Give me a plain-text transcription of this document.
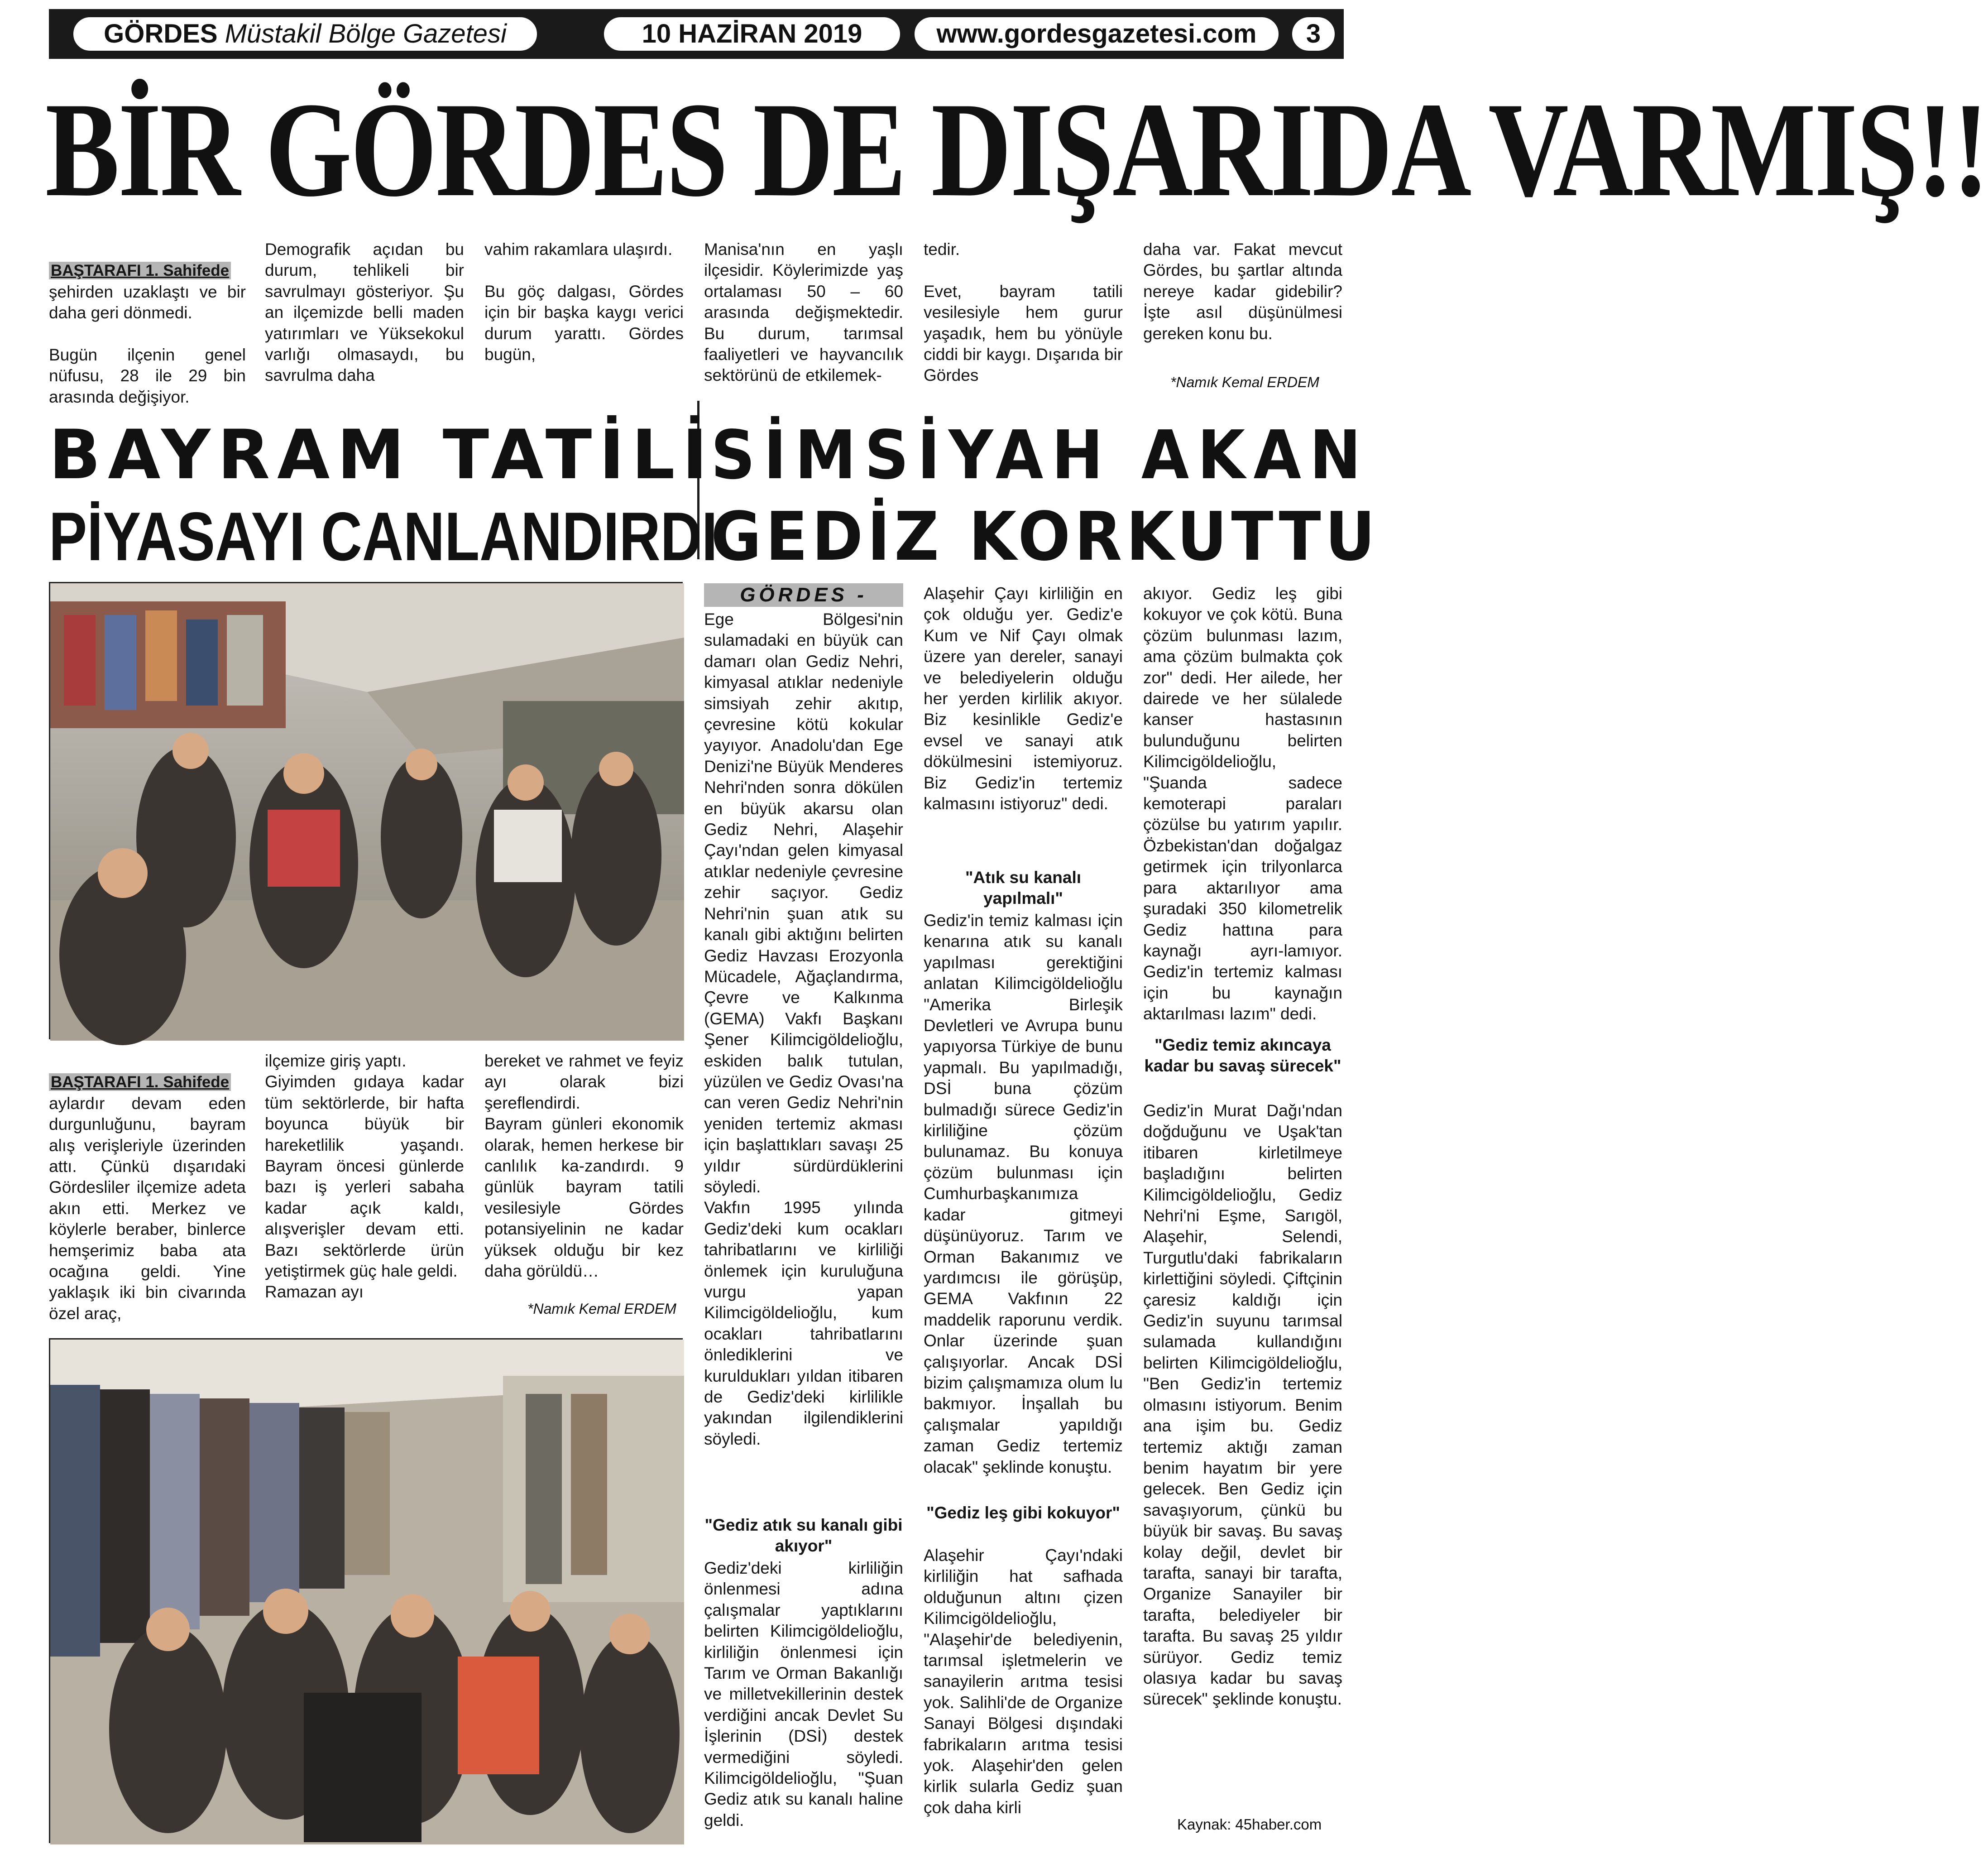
GÖRDES Müstakil Bölge Gazetesi	10 HAZİRAN 2019	www.gordesgazetesi.com	3
BİR GÖRDES DE DIŞARIDA VARMIŞ!!

BAŞTARAFI 1. Sahifede

şehirden uzaklaştı ve bir daha geri dönmedi.

Bugün ilçenin genel nüfusu, 28 ile 29 bin arasında değişiyor.

Demografik açıdan bu durum, tehlikeli bir savrulmayı gösteriyor. Şu an ilçemizde belli maden yatırımları ve Yüksekokul varlığı olmasaydı, bu savrulma daha
vahim rakamlara ulaşırdı.

Bu göç dalgası, Gördes için bir başka kaygı verici durum yarattı. Gördes bugün,
Manisa'nın en yaşlı ilçesidir. Köylerimizde yaş ortalaması 50 – 60 arasında değişmektedir. Bu durum, tarımsal faaliyetleri ve hayvancılık sektörünü de etkilemek-
tedir.

Evet, bayram tatili vesilesiyle hem gurur yaşadık, hem bu yönüyle ciddi bir kaygı. Dışarıda bir Gördes
daha var. Fakat mevcut Gördes, bu şartlar altında nereye kadar gidebilir? İşte asıl düşünülmesi gereken konu bu.
*Namık Kemal ERDEM
BAYRAM TATİLİ
PİYASAYI CANLANDIRDI
SİMSİYAH AKAN
GEDİZ KORKUTTU

BAŞTARAFI 1. Sahifede

aylardır devam eden durgunluğunu, bayram alış verişleriyle üzerinden attı. Çünkü dışarıdaki Gördesliler ilçemize adeta akın etti. Merkez ve köylerle beraber, binlerce hemşerimiz baba ata ocağına geldi. Yine yaklaşık iki bin civarında özel araç,

ilçemize giriş yaptı.
Giyimden gıdaya kadar tüm sektörlerde, bir hafta boyunca büyük bir hareketlilik yaşandı. Bayram öncesi günlerde bazı iş yerleri sabaha kadar açık kaldı, alışverişler devam etti. Bazı sektörlerde ürün yetiştirmek güç hale geldi.
Ramazan ayı
bereket ve rahmet ve feyiz ayı olarak bizi şereflendirdi.
Bayram günleri ekonomik olarak, hemen herkese bir canlılık ka-zandırdı. 9 günlük bayram tatili vesilesiyle Gördes potansiyelinin ne kadar yüksek olduğu bir kez daha görüldü…
*Namık Kemal ERDEM
GÖRDES -
Ege Bölgesi'nin sulamadaki en büyük can damarı olan Gediz Nehri, kimyasal atıklar nedeniyle simsiyah zehir akıtıp, çevresine kötü kokular yayıyor. Anadolu'dan Ege Denizi'ne Büyük Menderes Nehri'nden sonra dökülen en büyük akarsu olan Gediz Nehri, Alaşehir Çayı'ndan gelen kimyasal atıklar nedeniyle çevresine zehir saçıyor. Gediz Nehri'nin şuan atık su kanalı gibi aktığını belirten Gediz Havzası Erozyonla Mücadele, Ağaçlandırma, Çevre ve Kalkınma (GEMA) Vakfı Başkanı Şener Kilimcigöldelioğlu, eskiden balık tutulan, yüzülen ve Gediz Ovası'na can veren Gediz Nehri'nin yeniden tertemiz akması için başlattıkları savaşı 25 yıldır sürdürdüklerini söyledi.
Vakfın 1995 yılında Gediz'deki kum ocakları tahribatlarını ve kirliliği önlemek için kuruluğuna vurgu yapan Kilimcigöldelioğlu, kum ocakları tahribatlarını önlediklerini ve kuruldukları yıldan itibaren de Gediz'deki kirlilikle yakından ilgilendiklerini söyledi.
"Gediz atık su kanalı gibi akıyor"
Gediz'deki kirliliğin önlenmesi adına çalışmalar yaptıklarını belirten Kilimcigöldelioğlu, kirliliğin önlenmesi için Tarım ve Orman Bakanlığı ve milletvekillerinin destek verdiğini ancak Devlet Su İşlerinin (DSİ) destek vermediğini söyledi. Kilimcigöldelioğlu, "Şuan Gediz atık su kanalı haline geldi.
Alaşehir Çayı kirliliğin en çok olduğu yer. Gediz'e Kum ve Nif Çayı olmak üzere yan dereler, sanayi ve belediyelerin olduğu her yerden kirlilik akıyor. Biz kesinlikle Gediz'e evsel ve sanayi atık dökülmesini istemiyoruz. Biz Gediz'in tertemiz kalmasını istiyoruz" dedi.
"Atık su kanalı yapılmalı"
Gediz'in temiz kalması için kenarına atık su kanalı yapılması gerektiğini anlatan Kilimcigöldelioğlu "Amerika Birleşik Devletleri ve Avrupa bunu yapıyorsa Türkiye de bunu yapmalı. Bu yapılmadığı, DSİ buna çözüm bulmadığı sürece Gediz'in kirliliğine çözüm bulunamaz. Bu konuya çözüm bulunması için Cumhurbaşkanımıza kadar gitmeyi düşünüyoruz. Tarım ve Orman Bakanımız ve yardımcısı ile görüşüp, GEMA Vakfının 22 maddelik raporunu verdik. Onlar üzerinde şuan çalışıyorlar. Ancak DSİ bizim çalışmamıza olum lu bakmıyor. İnşallah bu çalışmalar yapıldığı zaman Gediz tertemiz olacak" şeklinde konuştu.
"Gediz leş gibi kokuyor"
Alaşehir Çayı'ndaki kirliliğin hat safhada olduğunun altını çizen Kilimcigöldelioğlu, "Alaşehir'de belediyenin, tarımsal işletmelerin ve sanayilerin arıtma tesisi yok. Salihli'de de Organize Sanayi Bölgesi dışındaki fabrikaların arıtma tesisi yok. Alaşehir'den gelen kirlik sularla Gediz şuan çok daha kirli
akıyor. Gediz leş gibi kokuyor ve çok kötü. Buna çözüm bulunması lazım, ama çözüm bulmakta çok zor" dedi. Her ailede, her dairede ve her sülalede kanser hastasının bulunduğunu belirten Kilimcigöldelioğlu, "Şuanda sadece kemoterapi paraları çözülse bu yatırım yapılır. Özbekistan'dan doğalgaz getirmek için trilyonlarca para aktarılıyor ama şuradaki 350 kilometrelik Gediz hattına para kaynağı ayrı-lamıyor. Gediz'in tertemiz kalması için bu kaynağın aktarılması lazım" dedi.
"Gediz temiz akıncaya kadar bu savaş sürecek"
Gediz'in Murat Dağı'ndan doğduğunu ve Uşak'tan itibaren kirletilmeye başladığını belirten Kilimcigöldelioğlu, Gediz Nehri'ni Eşme, Sarıgöl, Alaşehir, Selendi, Turgutlu'daki fabrikaların kirlettiğini söyledi. Çiftçinin çaresiz kaldığı için Gediz'in suyunu tarımsal sulamada kullandığını belirten Kilimcigöldelioğlu, "Ben Gediz'in tertemiz olmasını istiyorum. Benim ana işim bu. Gediz tertemiz aktığı zaman benim hayatım bir yere gelecek. Ben Gediz için savaşıyorum, çünkü bu büyük bir savaş. Bu savaş kolay değil, devlet bir tarafta, sanayi bir tarafta, Organize Sanayiler bir tarafta, belediyeler bir tarafta. Bu savaş 25 yıldır sürüyor. Gediz temiz olasıya kadar bu savaş sürecek" şeklinde konuştu.
Kaynak: 45haber.com
